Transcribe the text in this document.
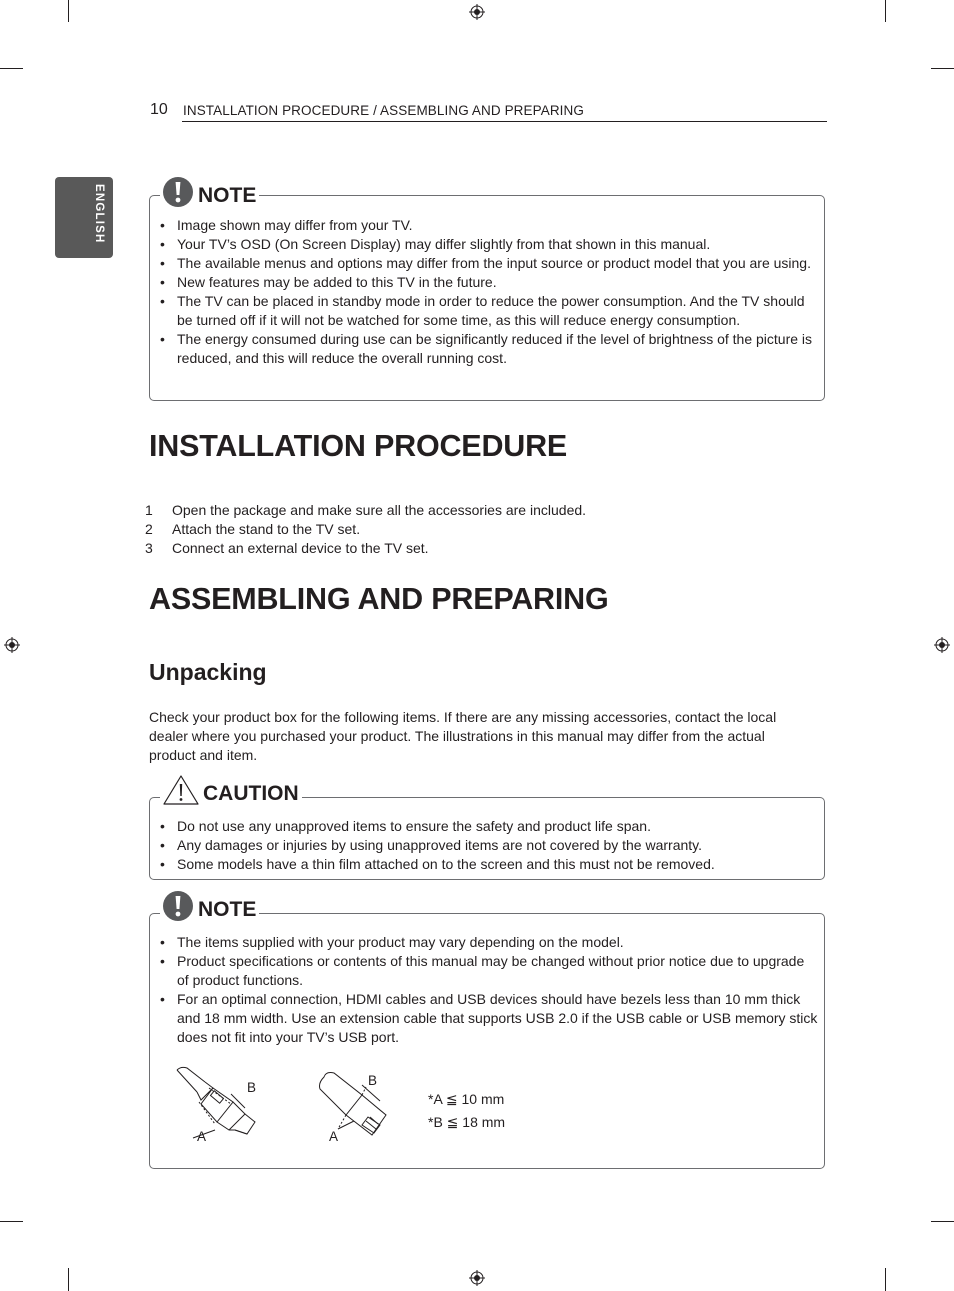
10 INSTALLATION PROCEDURE / ASSEMBLING AND PREPARING
ENGLISH	NOTE
• Image shown may differ from your TV.
• Your TV’s OSD (On Screen Display) may differ slightly from that shown in this manual.
• The available menus and options may differ from the input source or product model that you are using.
• New features may be added to this TV in the future.
• The TV can be placed in standby mode in order to reduce the power consumption. And the TV should be turned off if it will not be watched for some time, as this will reduce energy consumption.
• The energy consumed during use can be significantly reduced if the level of brightness of the picture is reduced, and this will reduce the overall running cost.
INSTALLATION PROCEDURE
1 Open the package and make sure all the accessories are included.
2 Attach the stand to the TV set.
3 Connect an external device to the TV set.
ASSEMBLING AND PREPARING
Unpacking
Check your product box for the following items. If there are any missing accessories, contact the local dealer where you purchased your product. The illustrations in this manual may differ from the actual product and item.
CAUTION
• Do not use any unapproved items to ensure the safety and product life span.
• Any damages or injuries by using unapproved items are not covered by the warranty.
• Some models have a thin film attached on to the screen and this must not be removed.
NOTE
• The items supplied with your product may vary depending on the model.
• Product specifications or contents of this manual may be changed without prior notice due to upgrade of product functions.
• For an optimal connection, HDMI cables and USB devices should have bezels less than 10 mm thick and 18 mm width. Use an extension cable that supports USB 2.0 if the USB cable or USB memory stick does not fit into your TV’s USB port.
B
A
B
A
*A ≦ 10 mm
*B ≦ 18 mm
